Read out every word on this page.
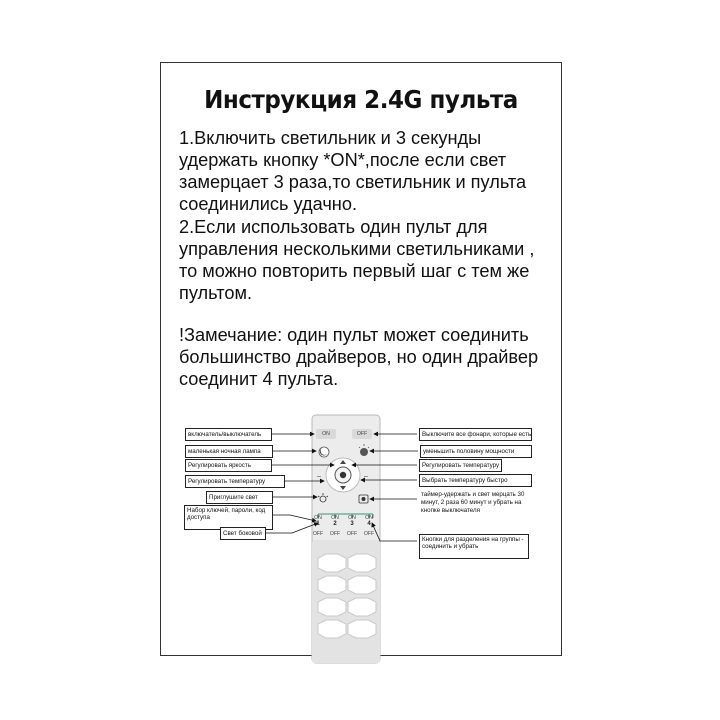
Инструкция 2.4G пульта
1.Включить светильник и 3 секунды
удержать кнопку *ON*,после если свет
замерцает 3 раза,то светильник и пульта
соединились удачно.
2.Если использовать один пульт для
управления несколькими светильниками ,
то можно повторить первый шаг с тем же
пультом.
!Замечание: один пульт может соединить
большинство драйверов, но один драйвер
соединит 4 пульта.
–	–
ON	OFF
ON	ON	ON	ON
1	2	3	4
OFF	OFF	OFF	OFF
включатель/выключатель
маленькая ночная лампа
Регулировать яркость
Регулировать температуру
Приглушите свет
Набор ключей, пароли, код доступа
Свет боковой
Выключите все фонари, которые есть
уменьшить половину мощности
Регулировать температуру
Выбрать температуру быстро
таймер-удержать и свет мерцать 30 минут, 2 раза 60 минут и убрать на кнопке выключателя
Кнопки для разделения на группы - соединить и убрать
